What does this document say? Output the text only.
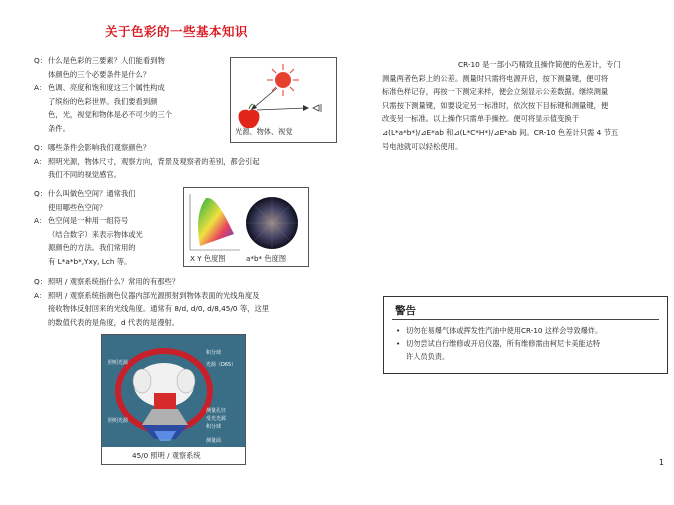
关于色彩的一些基本知识
Q： 什么是色彩的三要素？人们能看到物
体颜色的三个必要条件是什么？
A： 色调、亮度和饱和度这三个属性构成
了缤纷的色彩世界。我们要看到颜
色，光，视觉和物体是必不可少的三个
条件。	光源、物体、视觉
Q： 哪些条件会影响我们观察颜色？
A： 照明光源，物体尺寸，观察方向，背景及观察者的差别，都会引起
我们不同的视觉感官。
Q： 什么叫做色空间？通常我们
使用哪些色空间？
A： 色空间是一种用一组符号
（结合数字）来表示物体或光
源颜色的方法。我们常用的
有 L*a*b*,Yxy, Lch 等。	X Y 色度图	a*b* 色度图
Q： 照明 / 观察系统指什么？常用的有那些？
A： 照明 / 观察系统指测色仪器内部光源照射到物体表面的光线角度及
接收物体反射回来的光线角度。通常有 8/d, d/0, d/8,45/0 等，这里
的数值代表的是角度，d 代表的是漫射。
照明光源
照明光源
积分球
光源（D65）
测量孔径
受光光源
积分球
测量面
45/0 照明 / 观察系统
CR-10 是一部小巧精致且操作简便的色差计，专门
测量两者色彩上的公差。测量时只需将电源开启，按下测量键，便可将
标准色样记存，再按一下测定来样，便会立刻显示公差数据。继续测量
只需按下测量键，如要设定另一标准时，依次按下目标键和测量键，便
改变另一标准。以上操作只需单手操控。便可将显示值变换于
⊿(L*a*b*)/⊿E*ab 和⊿(L*C*H*)/⊿E*ab 间。CR-10 色差计只需 4 节五
号电池就可以轻松使用。
警告
• 切勿在易爆气体或挥发性汽油中使用CR-10 这样会导致爆炸。
• 切勿尝试自行维修或开启仪器，所有维修需由柯尼卡美能达特
许人员负责。
1
